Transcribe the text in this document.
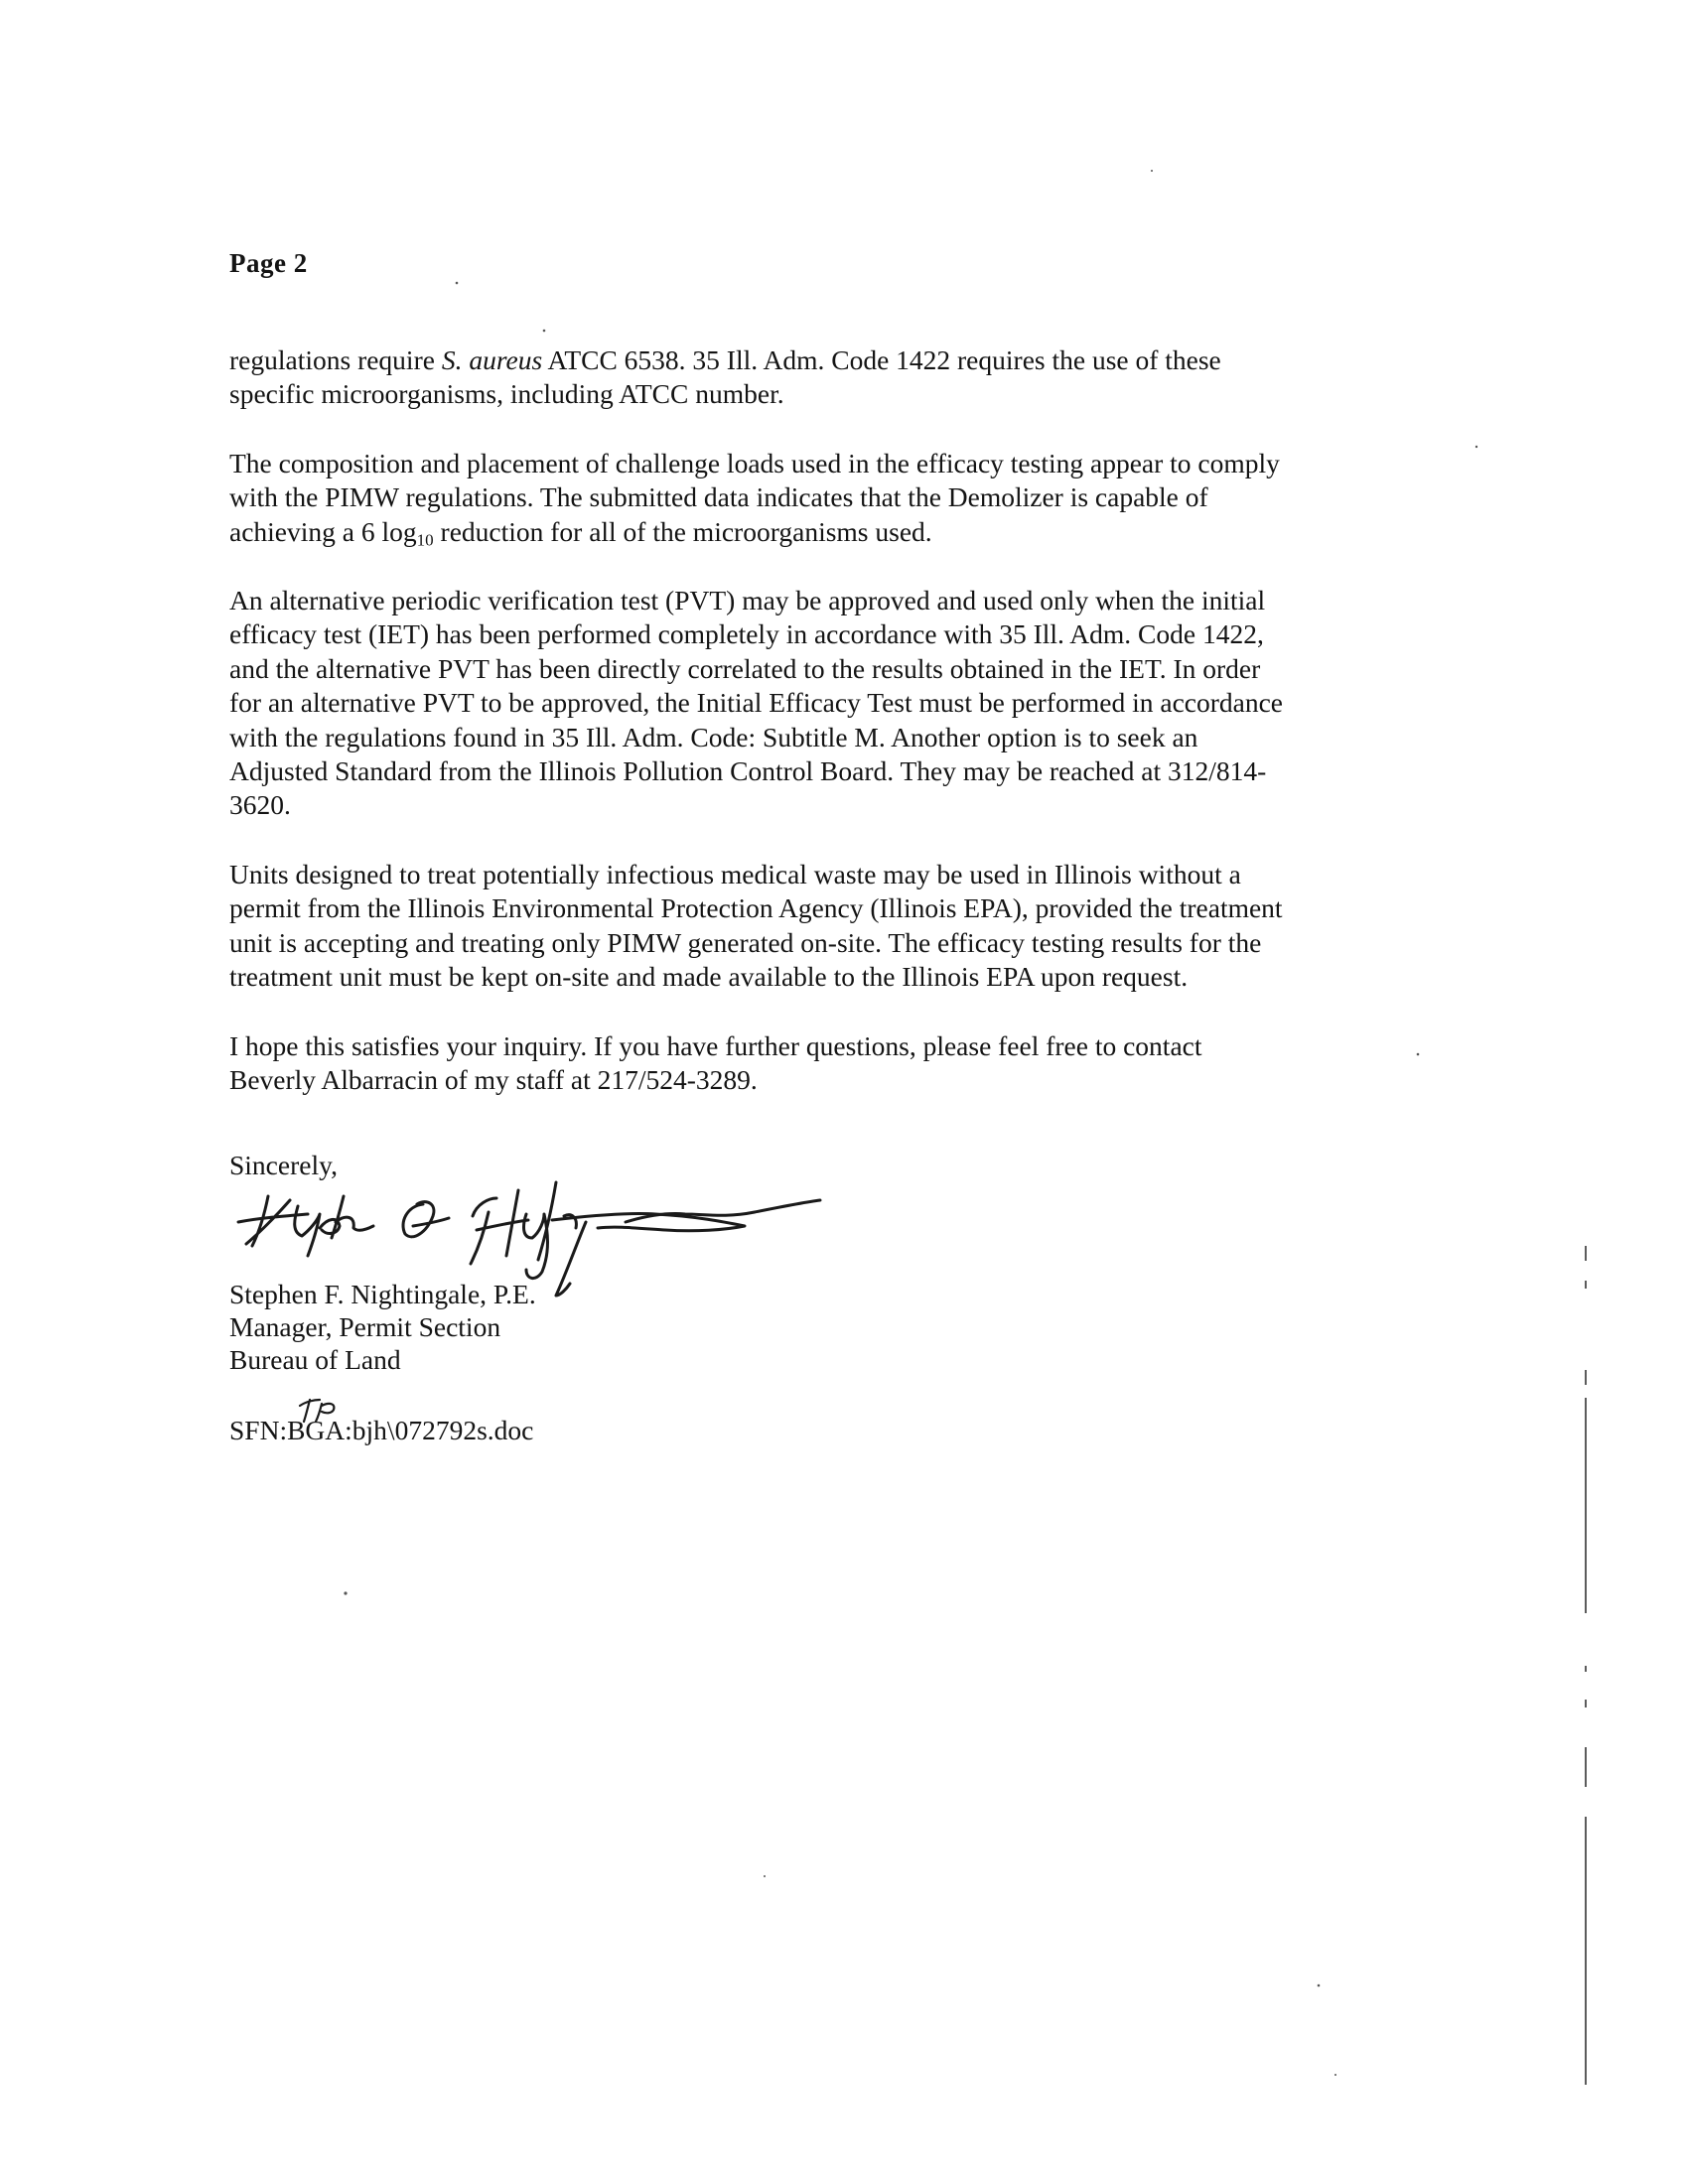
Page 2
regulations require S. aureus ATCC 6538. 35 Ill. Adm. Code 1422 requires the use of these
specific microorganisms, including ATCC number.
The composition and placement of challenge loads used in the efficacy testing appear to comply
with the PIMW regulations. The submitted data indicates that the Demolizer is capable of
achieving a 6 $\log_{10}$ reduction for all of the microorganisms used.
An alternative periodic verification test (PVT) may be approved and used only when the initial
efficacy test (IET) has been performed completely in accordance with 35 Ill. Adm. Code 1422,
and the alternative PVT has been directly correlated to the results obtained in the IET. In order
for an alternative PVT to be approved, the Initial Efficacy Test must be performed in accordance
with the regulations found in 35 Ill. Adm. Code: Subtitle M. Another option is to seek an
Adjusted Standard from the Illinois Pollution Control Board. They may be reached at 312/814-
3620.
Units designed to treat potentially infectious medical waste may be used in Illinois without a
permit from the Illinois Environmental Protection Agency (Illinois EPA), provided the treatment
unit is accepting and treating only PIMW generated on-site. The efficacy testing results for the
treatment unit must be kept on-site and made available to the Illinois EPA upon request.
I hope this satisfies your inquiry. If you have further questions, please feel free to contact
Beverly Albarracin of my staff at 217/524-3289.
Sincerely,
Stephen F. Nightingale, P.E.
Manager, Permit Section
Bureau of Land
SFN:BGA:bjh\072792s.doc
